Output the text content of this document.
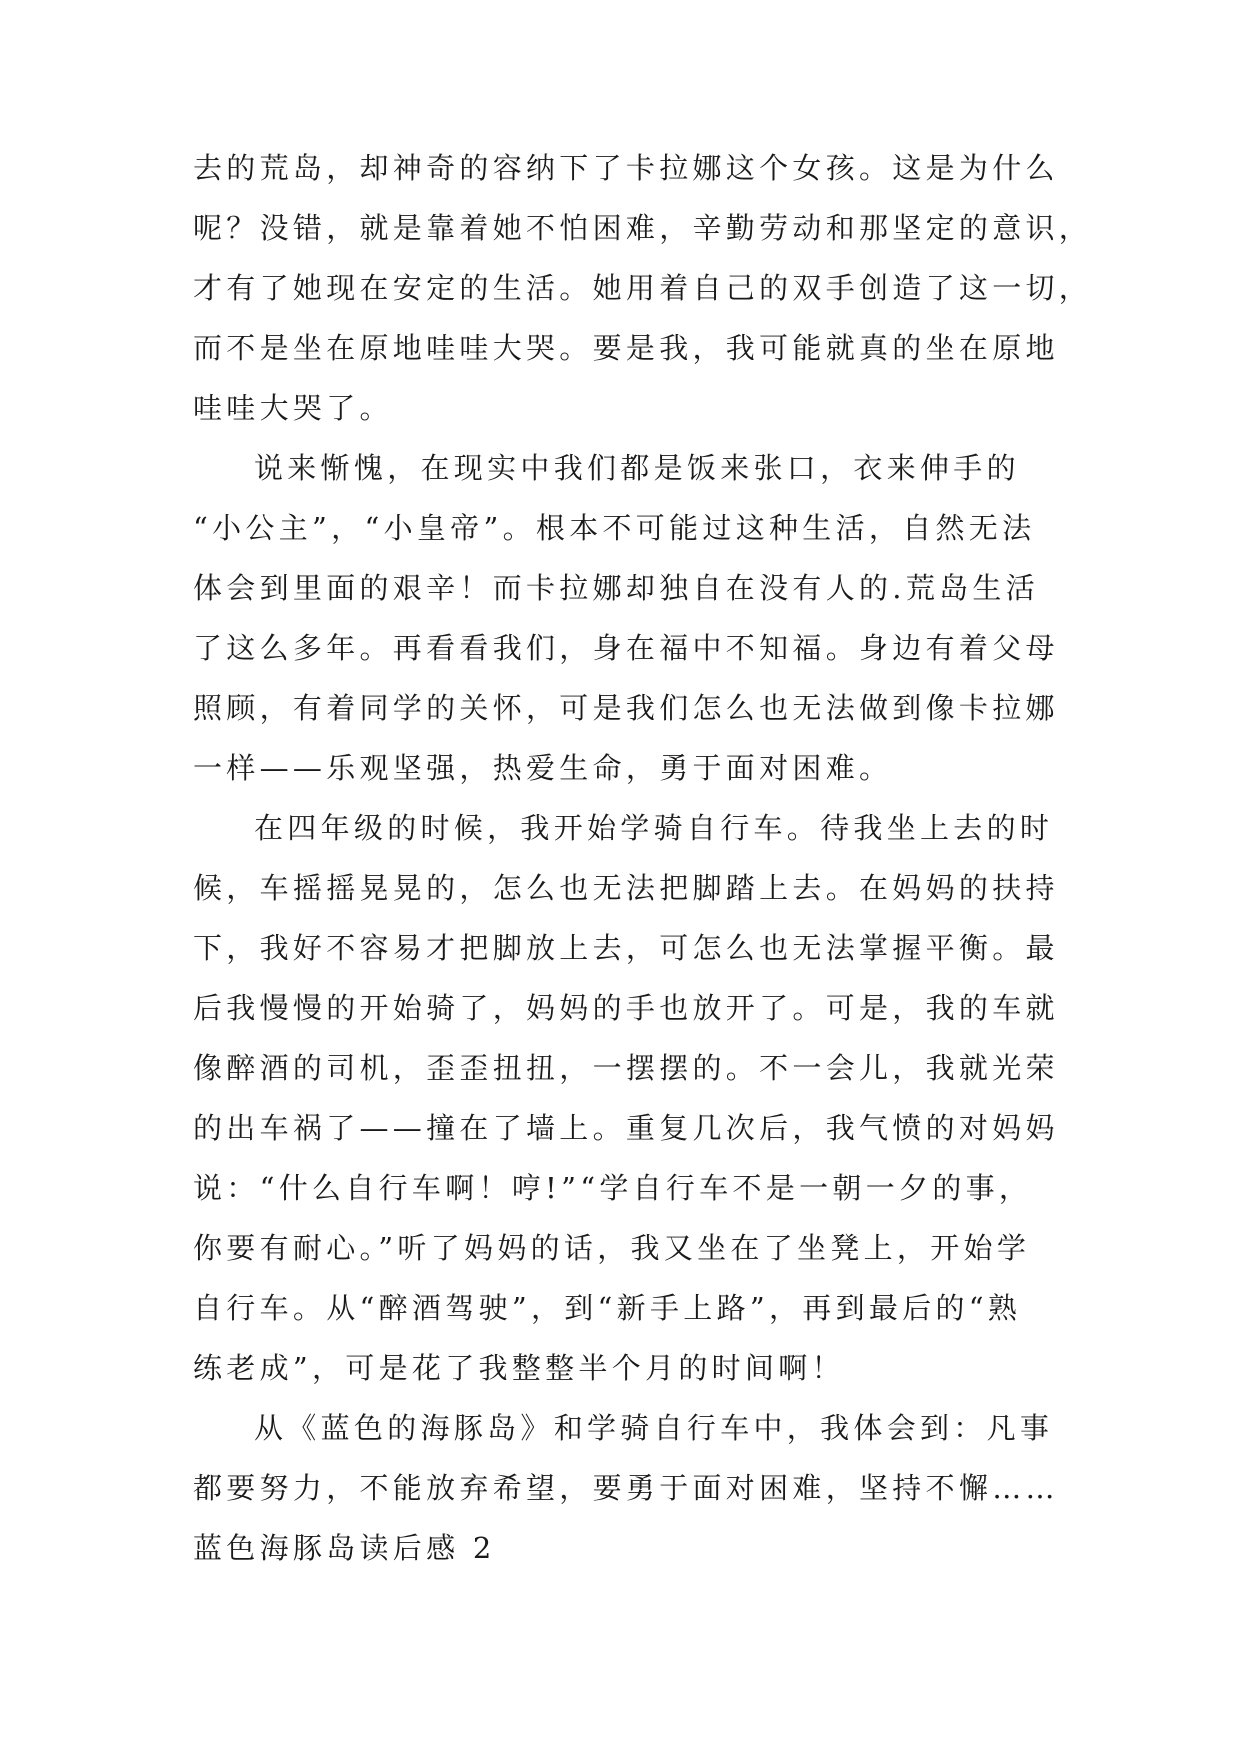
去的荒岛，却神奇的容纳下了卡拉娜这个女孩。这是为什么
呢？没错，就是靠着她不怕困难，辛勤劳动和那坚定的意识，
才有了她现在安定的生活。她用着自己的双手创造了这一切，
而不是坐在原地哇哇大哭。要是我，我可能就真的坐在原地
哇哇大哭了。
说来惭愧，在现实中我们都是饭来张口，衣来伸手的
“小公主”，“小皇帝”。根本不可能过这种生活，自然无法
体会到里面的艰辛！而卡拉娜却独自在没有人的.荒岛生活
了这么多年。再看看我们，身在福中不知福。身边有着父母
照顾，有着同学的关怀，可是我们怎么也无法做到像卡拉娜
一样——乐观坚强，热爱生命，勇于面对困难。
在四年级的时候，我开始学骑自行车。待我坐上去的时
候，车摇摇晃晃的，怎么也无法把脚踏上去。在妈妈的扶持
下，我好不容易才把脚放上去，可怎么也无法掌握平衡。最
后我慢慢的开始骑了，妈妈的手也放开了。可是，我的车就
像醉酒的司机，歪歪扭扭，一摆摆的。不一会儿，我就光荣
的出车祸了——撞在了墙上。重复几次后，我气愤的对妈妈
说：“什么自行车啊！哼!”“学自行车不是一朝一夕的事，
你要有耐心。”听了妈妈的话，我又坐在了坐凳上，开始学
自行车。从“醉酒驾驶”，到“新手上路”，再到最后的“熟
练老成”，可是花了我整整半个月的时间啊！
从《蓝色的海豚岛》和学骑自行车中，我体会到：凡事
都要努力，不能放弃希望，要勇于面对困难，坚持不懈……
蓝色海豚岛读后感 2
